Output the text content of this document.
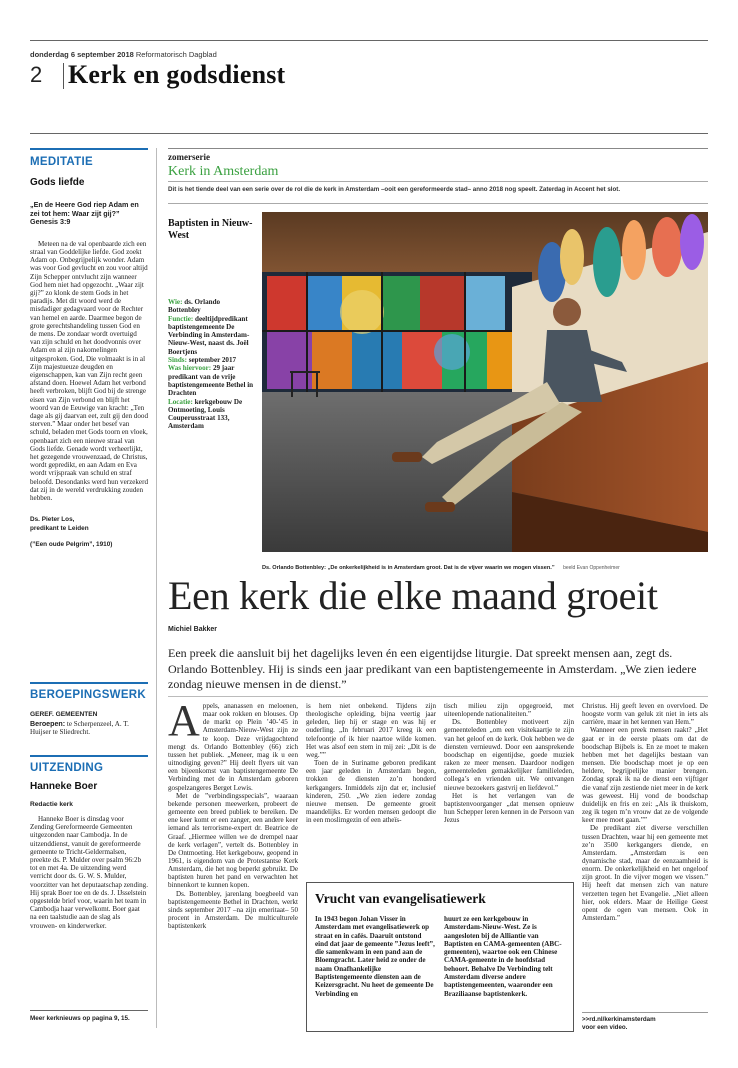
donderdag 6 september 2018 Reformatorisch Dagblad
2 Kerk en godsdienst
MEDITATIE
Gods liefde
„En de Heere God riep Adam en zei tot hem: Waar zijt gij?” Genesis 3:9
Meteen na de val openbaarde zich een straal van Goddelijke liefde. God zoekt Adam op. Onbegrijpelijk wonder. Adam was voor God gevlucht en zou voor altijd Zijn Schepper ontvlucht zijn wanneer God hem niet had opgezocht. „Waar zijt gij?” zo klonk de stem Gods in het paradijs. Met dit woord werd de misdadiger gedagvaard voor de Rechter van hemel en aarde. Daarmee begon de grote gerechtshandeling tussen God en de mens. De zondaar wordt overtuigd van zijn schuld en het doodvonnis over Adam en al zijn nakomelingen uitgesproken. God, Die volmaakt is in al Zijn majestueuze deugden en eigenschappen, kan van Zijn recht geen afstand doen. Hoewel Adam het verbond heeft verbroken, blijft God bij de strenge eisen van Zijn verbond en blijft het woord van de Eeuwige van kracht: „Ten dage als gij daarvan eet, zult gij den dood sterven.” Maar onder het besef van schuld, beladen met Gods toorn en vloek, openbaart zich een nieuwe straal van Gods liefde. Genade wordt verheerlijkt, het gezegende vrouwenzaad, de Christus, wordt gepredikt, en aan Adam en Eva wordt vrijspraak van schuld en straf beloofd. Desondanks werd hun verzekerd dat zij in de wereld verdrukking zouden hebben.
Ds. Pieter Los,
predikant te Leiden
(”Een oude Pelgrim”, 1910)
BEROEPINGSWERK
GEREF. GEMEENTEN
Beroepen: te Scherpenzeel, A. T. Huijser te Sliedrecht.
UITZENDING
Hanneke Boer
Redactie kerk
Hanneke Boer is dinsdag voor Zending Gereformeerde Gemeenten uitgezonden naar Cambodja. In de uitzenddienst, vanuit de gereformeerde gemeente te Tricht-Geldermalsen, preekte ds. P. Mulder over psalm 96:2b tot en met 4a. De uitzending werd verricht door ds. G. W. S. Mulder, voorzitter van het deputaatschap zending. Hij sprak Boer toe en de ds. J. IJsselstein opgestelde brief voor, waarin het team in Cambodja haar verwelkomt. Boer gaat na een taalstudie aan de slag als vrouwen- en kinderwerker.
Meer kerknieuws op pagina 9, 15.
zomerserie
Kerk in Amsterdam
Dit is het tiende deel van een serie over de rol die de kerk in Amsterdam –ooit een gereformeerde stad– anno 2018 nog speelt. Zaterdag in Accent het slot.
Baptisten in Nieuw-West

Wie: ds. Orlando Bottenbley

Functie: deeltijdpredikant baptistengemeente De Verbinding in Amsterdam-Nieuw-West, naast ds. Joël Boertjens

Sinds: september 2017

Was hiervoor: 29 jaar predikant van de vrije baptistengemeente Bethel in Drachten

Locatie: kerkgebouw De Ontmoeting, Louis Couperusstraat 133, Amsterdam

Ds. Orlando Bottenbley: „De onkerkelijkheid is in Amsterdam groot. Dat is de vijver waarin we mogen vissen.” beeld Evan Oppenheimer
Een kerk die elke maand groeit
Michiel Bakker
Een preek die aansluit bij het dagelijks leven én een eigentijdse liturgie. Dat spreekt mensen aan, zegt ds. Orlando Bottenbley. Hij is sinds een jaar predikant van een baptistengemeente in Amsterdam. „We zien iedere zondag nieuwe mensen in de dienst.”
A ppels, ananassen en meloenen, maar ook rokken en blouses. Op de markt op Plein ’40-’45 in Amsterdam-Nieuw-West zijn ze te koop. Deze vrijdagochtend mengt ds. Orlando Bottenbley (66) zich tussen het publiek. „Meneer, mag ik u een uitnodiging geven?” Hij deelt flyers uit van een bijeenkomst van baptistengemeente De Verbinding met de in Amsterdam geboren gospelzangeres Berget Lewis.

Met de ”verbindingsspecials”, waaraan bekende personen meewerken, probeert de gemeente een breed publiek te bereiken. De ene keer komt er een zanger, een andere keer iemand als terrorisme-expert dr. Beatrice de Graaf. „Hiermee willen we de drempel naar de kerk verlagen”, vertelt ds. Bottenbley in De Ontmoeting. Het kerkgebouw, geopend in 1961, is eigendom van de Protestantse Kerk Amsterdam, die het nog beperkt gebruikt. De baptisten huren het pand en verwachten het binnenkort te kunnen kopen.

Ds. Bottenbley, jarenlang boegbeeld van baptistengemeente Bethel in Drachten, werkt sinds september 2017 –na zijn emeritaat– 50 procent in Amsterdam. De multiculturele baptistenkerk

is hem niet onbekend. Tijdens zijn theologische opleiding, bijna veertig jaar geleden, liep hij er stage en was hij er ouderling. „In februari 2017 kreeg ik een telefoontje of ik hier naartoe wilde komen. Het was alsof een stem in mij zei: „Dit is de weg.””

Toen de in Suriname geboren predikant een jaar geleden in Amsterdam begon, trokken de diensten zo’n honderd kerkgangers. Inmiddels zijn dat er, inclusief kinderen, 250. „We zien iedere zondag nieuwe mensen. De gemeente groeit maandelijks. Er worden mensen gedoopt die in een moslimgezin of een atheïs-

tisch milieu zijn opgegroeid, met uiteenlopende nationaliteiten.”

Ds. Bottenbley motiveert zijn gemeenteleden „om een visitekaartje te zijn van het geloof en de kerk. Ook hebben we de diensten vernieuwd. Door een aansprekende boodschap en eigentijdse, goede muziek raken ze meer mensen. Daardoor nodigen gemeenteleden gemakkelijker familieleden, collega’s en vrienden uit. We ontvangen nieuwe bezoekers gastvrij en liefdevol.”

Het is het verlangen van de baptistenvoorganger „dat mensen opnieuw hun Schepper leren kennen in de Persoon van Jezus

Christus. Hij geeft leven en overvloed. De hoogste vorm van geluk zit niet in iets als carrière, maar in het kennen van Hem.”

Wanneer een preek mensen raakt? „Het gaat er in de eerste plaats om dat de boodschap Bijbels is. En ze moet te maken hebben met het dagelijks bestaan van mensen. Die boodschap moet je op een heldere, begrijpelijke manier brengen. Zondag sprak ik na de dienst een vijftiger die vanaf zijn zestiende niet meer in de kerk was geweest. Hij vond de boodschap duidelijk en fris en zei: „Als ik thuiskom, zeg ik tegen m’n vrouw dat ze de volgende keer mee moet gaan.””

De predikant ziet diverse verschillen tussen Drachten, waar hij een gemeente met ze’n 3500 kerkgangers diende, en Amsterdam. „Amsterdam is een dynamische stad, maar de eenzaamheid is enorm. De onkerkelijkheid en het ongeloof zijn groot. In die vijver mogen we vissen.” Hij heeft dat mensen zich van nature verzetten tegen het Evangelie. „Niet alleen hier, ook elders. Maar de Heilige Geest opent de ogen van mensen. Ook in Amsterdam.”

>>rd.nl/kerkinamsterdam
voor een video.
Vrucht van evangelisatiewerk
In 1943 begon Johan Visser in Amsterdam met evangelisatiewerk op straat en in cafés. Daaruit ontstond eind dat jaar de gemeente ”Jezus leeft”, die samenkwam in een pand aan de Bloemgracht. Later heid ze onder de naam Onafhankelijke Baptistengemeente diensten aan de Keizersgracht. Nu heet de gemeente De Verbinding en
huurt ze een kerkgebouw in Amsterdam-Nieuw-West. Ze is aangesloten bij de Alliantie van Baptisten en CAMA-gemeenten (ABC-gemeenten), waartoe ook een Chinese CAMA-gemeente in de hoofdstad behoort. Behalve De Verbinding telt Amsterdam diverse andere baptistengemeenten, waaronder een Braziliaanse baptistenkerk.
